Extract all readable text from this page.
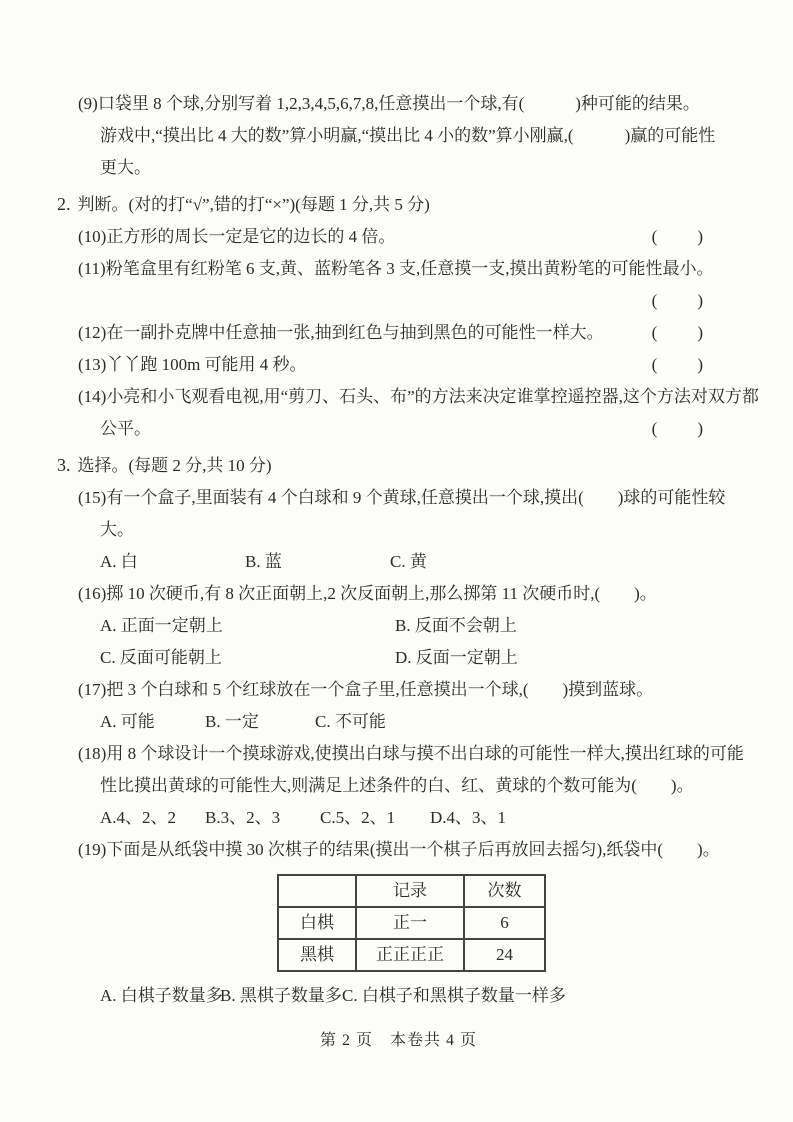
(9)口袋里 8 个球,分别写着 1,2,3,4,5,6,7,8,任意摸出一个球,有(　　　)种可能的结果。
游戏中,“摸出比 4 大的数”算小明赢,“摸出比 4 小的数”算小刚赢,(　　　)赢的可能性
更大。
2. 判断。(对的打“√”,错的打“×”)(每题 1 分,共 5 分)
(10)正方形的周长一定是它的边长的 4 倍。	(　　)
(11)粉笔盒里有红粉笔 6 支,黄、蓝粉笔各 3 支,任意摸一支,摸出黄粉笔的可能性最小。
(　　)
(12)在一副扑克牌中任意抽一张,抽到红色与抽到黑色的可能性一样大。	(　　)
(13)丫丫跑 100m 可能用 4 秒。	(　　)
(14)小亮和小飞观看电视,用“剪刀、石头、布”的方法来决定谁掌控遥控器,这个方法对双方都
公平。	(　　)
3. 选择。(每题 2 分,共 10 分)
(15)有一个盒子,里面装有 4 个白球和 9 个黄球,任意摸出一个球,摸出(　　)球的可能性较
大。
A. 白	B. 蓝	C. 黄
(16)掷 10 次硬币,有 8 次正面朝上,2 次反面朝上,那么掷第 11 次硬币时,(　　)。
A. 正面一定朝上	B. 反面不会朝上
C. 反面可能朝上	D. 反面一定朝上
(17)把 3 个白球和 5 个红球放在一个盒子里,任意摸出一个球,(　　)摸到蓝球。
A. 可能	B. 一定	C. 不可能
(18)用 8 个球设计一个摸球游戏,使摸出白球与摸不出白球的可能性一样大,摸出红球的可能
性比摸出黄球的可能性大,则满足上述条件的白、红、黄球的个数可能为(　　)。
A.4、2、2	B.3、2、3	C.5、2、1	D.4、3、1
(19)下面是从纸袋中摸 30 次棋子的结果(摸出一个棋子后再放回去摇匀),纸袋中(　　)。
	记录	次数
白棋	正一	6
黑棋	正正正正	24
A. 白棋子数量多
B. 黑棋子数量多 C. 白棋子和黑棋子数量一样多
第 2 页　本卷共 4 页
